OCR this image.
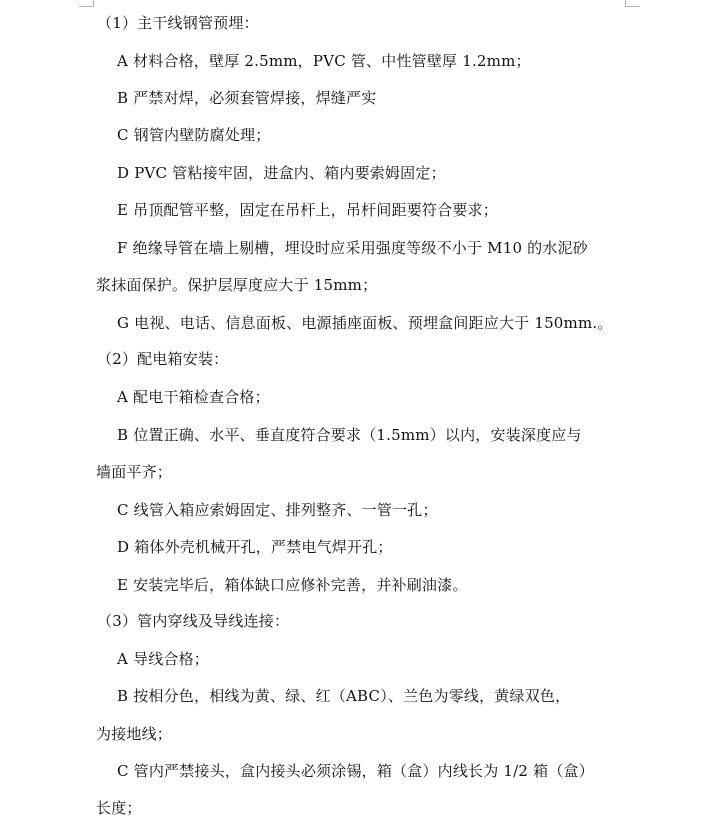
（1）主干线钢管预埋：
A 材料合格，壁厚 2.5mm，PVC 管、中性管壁厚 1.2mm；
B 严禁对焊，必须套管焊接，焊缝严实
C 钢管内壁防腐处理；
D PVC 管粘接牢固，进盒内、箱内要索姆固定；
E 吊顶配管平整，固定在吊杆上，吊杆间距要符合要求；
F 绝缘导管在墙上剔槽，埋设时应采用强度等级不小于 M10 的水泥砂
浆抹面保护。保护层厚度应大于 15mm；
G 电视、电话、信息面板、电源插座面板、预埋盒间距应大于 150mm.。
（2）配电箱安装：
A 配电干箱检查合格；
B 位置正确、水平、垂直度符合要求（1.5mm）以内，安装深度应与
墙面平齐；
C 线管入箱应索姆固定、排列整齐、一管一孔；
D 箱体外壳机械开孔，严禁电气焊开孔；
E 安装完毕后，箱体缺口应修补完善，并补刷油漆。
（3）管内穿线及导线连接：
A 导线合格；
B 按相分色，相线为黄、绿、红（ABC）、兰色为零线，黄绿双色，
为接地线；
C 管内严禁接头，盒内接头必须涂锡，箱（盒）内线长为 1/2 箱（盒）
长度；
